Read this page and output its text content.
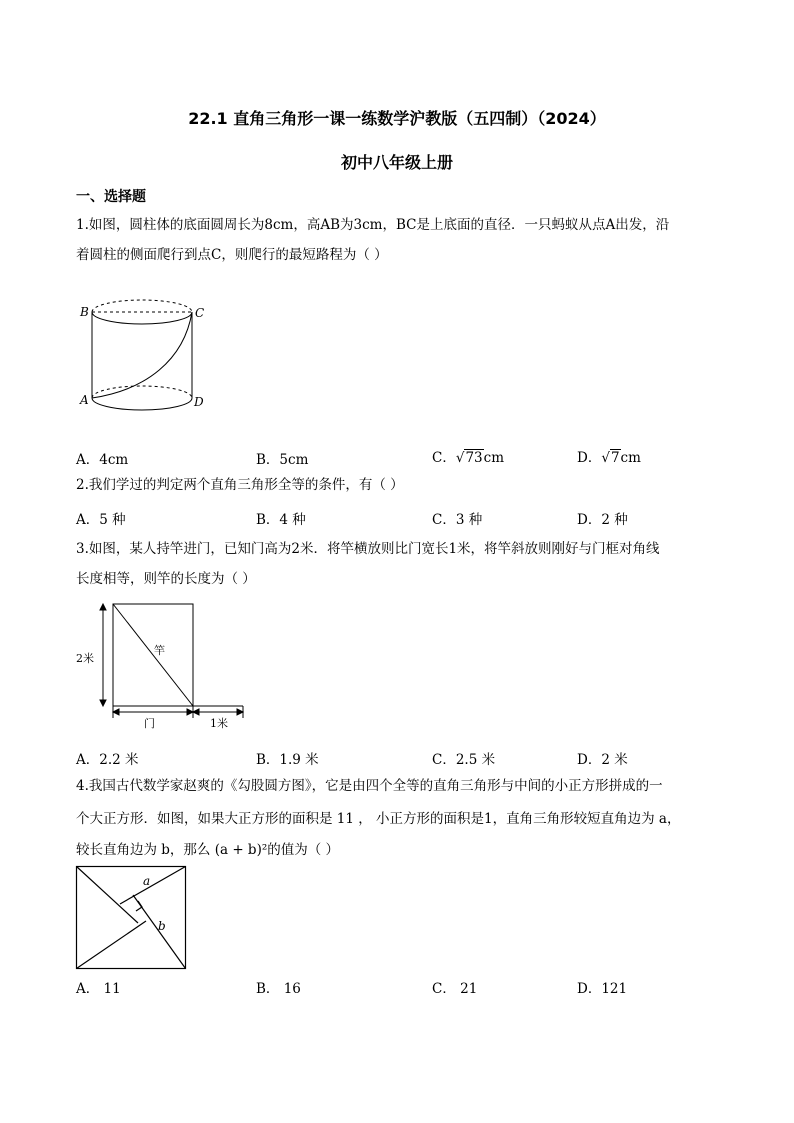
22.1 直角三角形一课一练数学沪教版（五四制）（2024）
初中八年级上册
一、选择题
1.如图，圆柱体的底面圆周长为8cm，高AB为3cm，BC是上底面的直径．一只蚂蚁从点A出发，沿
着圆柱的侧面爬行到点C，则爬行的最短路程为（ ）
B	C
A	D
A．4cm	B．5cm	C．√73cm	D．√7cm
2.我们学过的判定两个直角三角形全等的条件，有（ ）
A．5 种	B．4 种	C．3 种	D．2 种
3.如图，某人持竿进门，已知门高为2米．将竿横放则比门宽长1米，将竿斜放则刚好与门框对角线
长度相等，则竿的长度为（ ）
竿
2米
门	1米
A．2.2 米	B．1.9 米	C．2.5 米	D．2 米
4.我国古代数学家赵爽的《勾股圆方图》，它是由四个全等的直角三角形与中间的小正方形拼成的一
个大正方形．如图，如果大正方形的面积是 11 ， 小正方形的面积是1，直角三角形较短直角边为 a，
较长直角边为 b，那么 (a + b)²的值为（ ）
a
b
A． 11	B． 16	C． 21	D．121
